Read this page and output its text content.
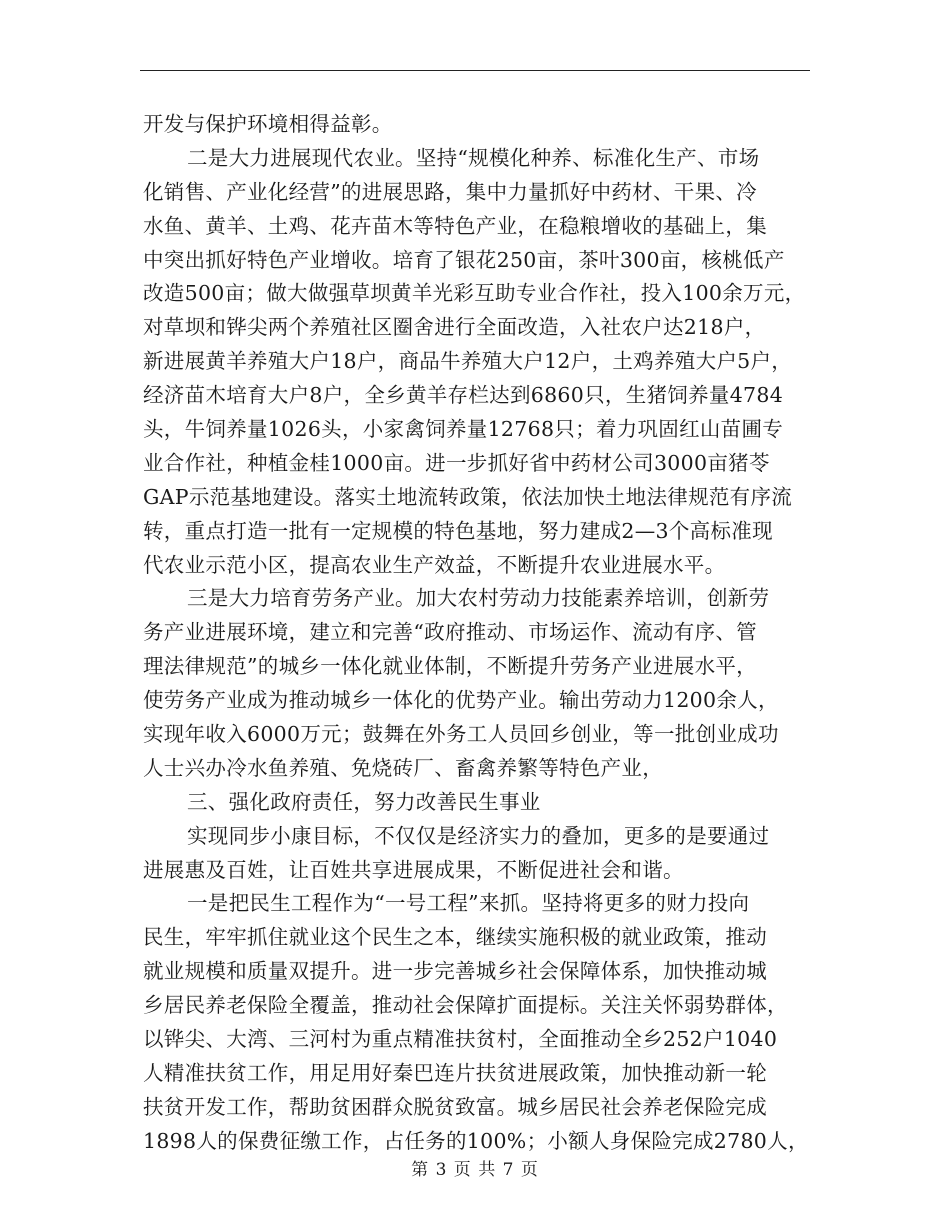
开发与保护环境相得益彰。
二是大力进展现代农业。坚持“规模化种养、标准化生产、市场
化销售、产业化经营”的进展思路，集中力量抓好中药材、干果、冷
水鱼、黄羊、土鸡、花卉苗木等特色产业，在稳粮增收的基础上，集
中突出抓好特色产业增收。培育了银花250亩，茶叶300亩，核桃低产
改造500亩；做大做强草坝黄羊光彩互助专业合作社，投入100余万元，
对草坝和铧尖两个养殖社区圈舍进行全面改造，入社农户达218户，
新进展黄羊养殖大户18户，商品牛养殖大户12户，土鸡养殖大户5户，
经济苗木培育大户8户，全乡黄羊存栏达到6860只，生猪饲养量4784
头，牛饲养量1026头，小家禽饲养量12768只；着力巩固红山苗圃专
业合作社，种植金桂1000亩。进一步抓好省中药材公司3000亩猪苓
GAP示范基地建设。落实土地流转政策，依法加快土地法律规范有序流
转，重点打造一批有一定规模的特色基地，努力建成2—3个高标准现
代农业示范小区，提高农业生产效益，不断提升农业进展水平。
三是大力培育劳务产业。加大农村劳动力技能素养培训，创新劳
务产业进展环境，建立和完善“政府推动、市场运作、流动有序、管
理法律规范”的城乡一体化就业体制，不断提升劳务产业进展水平，
使劳务产业成为推动城乡一体化的优势产业。输出劳动力1200余人，
实现年收入6000万元；鼓舞在外务工人员回乡创业，等一批创业成功
人士兴办冷水鱼养殖、免烧砖厂、畜禽养繁等特色产业，
三、强化政府责任，努力改善民生事业
实现同步小康目标，不仅仅是经济实力的叠加，更多的是要通过
进展惠及百姓，让百姓共享进展成果，不断促进社会和谐。
一是把民生工程作为“一号工程”来抓。坚持将更多的财力投向
民生，牢牢抓住就业这个民生之本，继续实施积极的就业政策，推动
就业规模和质量双提升。进一步完善城乡社会保障体系，加快推动城
乡居民养老保险全覆盖，推动社会保障扩面提标。关注关怀弱势群体，
以铧尖、大湾、三河村为重点精准扶贫村，全面推动全乡252户1040
人精准扶贫工作，用足用好秦巴连片扶贫进展政策，加快推动新一轮
扶贫开发工作，帮助贫困群众脱贫致富。城乡居民社会养老保险完成
1898人的保费征缴工作，占任务的100%；小额人身保险完成2780人，
第 3 页 共 7 页
